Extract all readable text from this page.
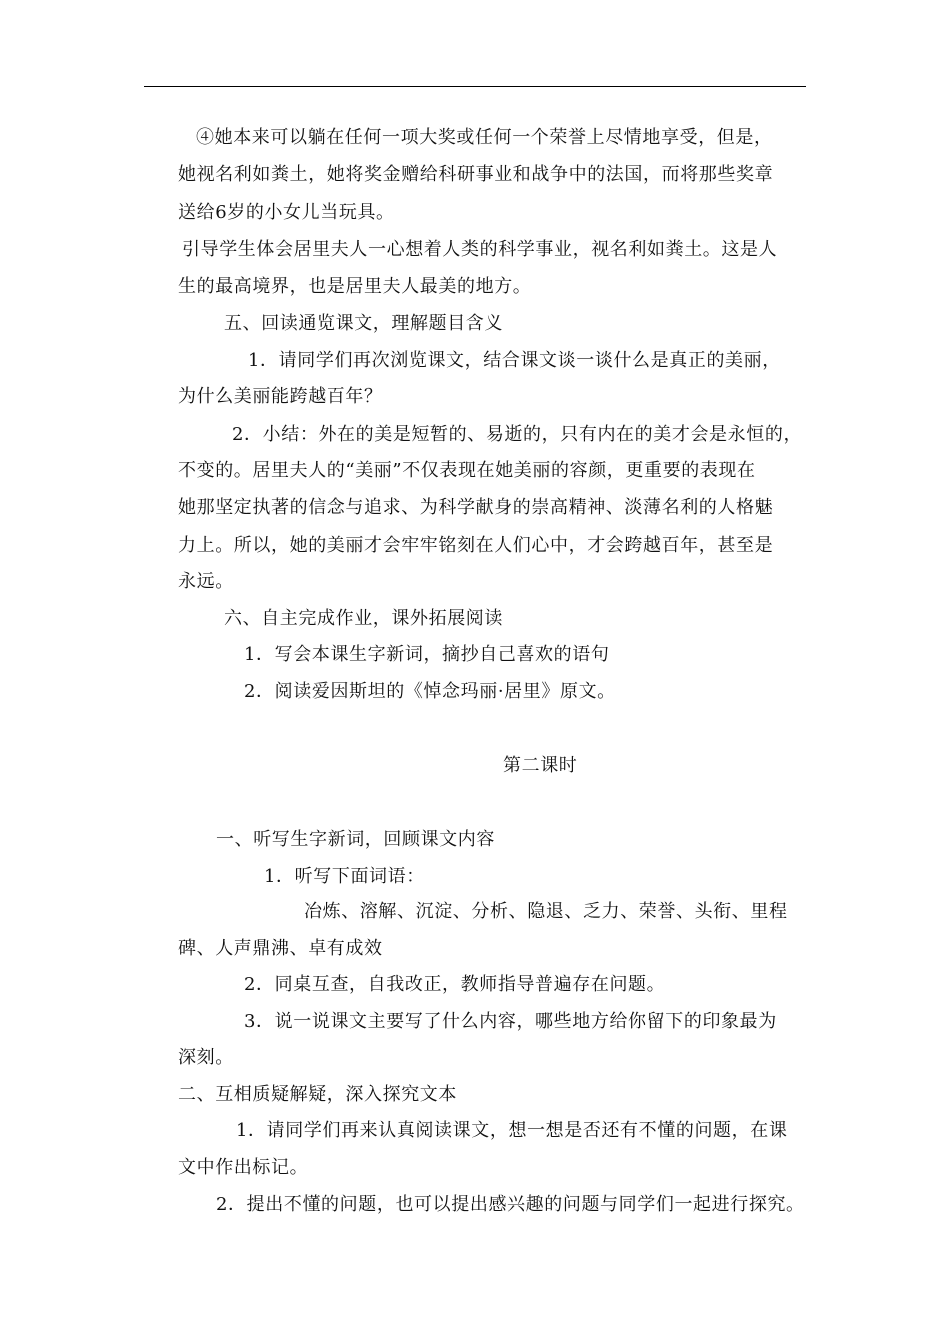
④她本来可以躺在任何一项大奖或任何一个荣誉上尽情地享受，但是，
她视名利如粪土，她将奖金赠给科研事业和战争中的法国，而将那些奖章
送给6岁的小女儿当玩具。
引导学生体会居里夫人一心想着人类的科学事业，视名利如粪土。这是人
生的最高境界，也是居里夫人最美的地方。
五、回读通览课文，理解题目含义
1．请同学们再次浏览课文，结合课文谈一谈什么是真正的美丽，
为什么美丽能跨越百年？
2．小结：外在的美是短暂的、易逝的，只有内在的美才会是永恒的，
不变的。居里夫人的“美丽”不仅表现在她美丽的容颜，更重要的表现在
她那坚定执著的信念与追求、为科学献身的崇高精神、淡薄名利的人格魅
力上。所以，她的美丽才会牢牢铭刻在人们心中，才会跨越百年，甚至是
永远。
六、自主完成作业，课外拓展阅读
1．写会本课生字新词，摘抄自己喜欢的语句
2．阅读爱因斯坦的《悼念玛丽·居里》原文。
第二课时
一、听写生字新词，回顾课文内容
1．听写下面词语：
冶炼、溶解、沉淀、分析、隐退、乏力、荣誉、头衔、里程
碑、人声鼎沸、卓有成效
2．同桌互查，自我改正，教师指导普遍存在问题。
3．说一说课文主要写了什么内容，哪些地方给你留下的印象最为
深刻。
二、互相质疑解疑，深入探究文本
1．请同学们再来认真阅读课文，想一想是否还有不懂的问题，在课
文中作出标记。
2．提出不懂的问题，也可以提出感兴趣的问题与同学们一起进行探究。
